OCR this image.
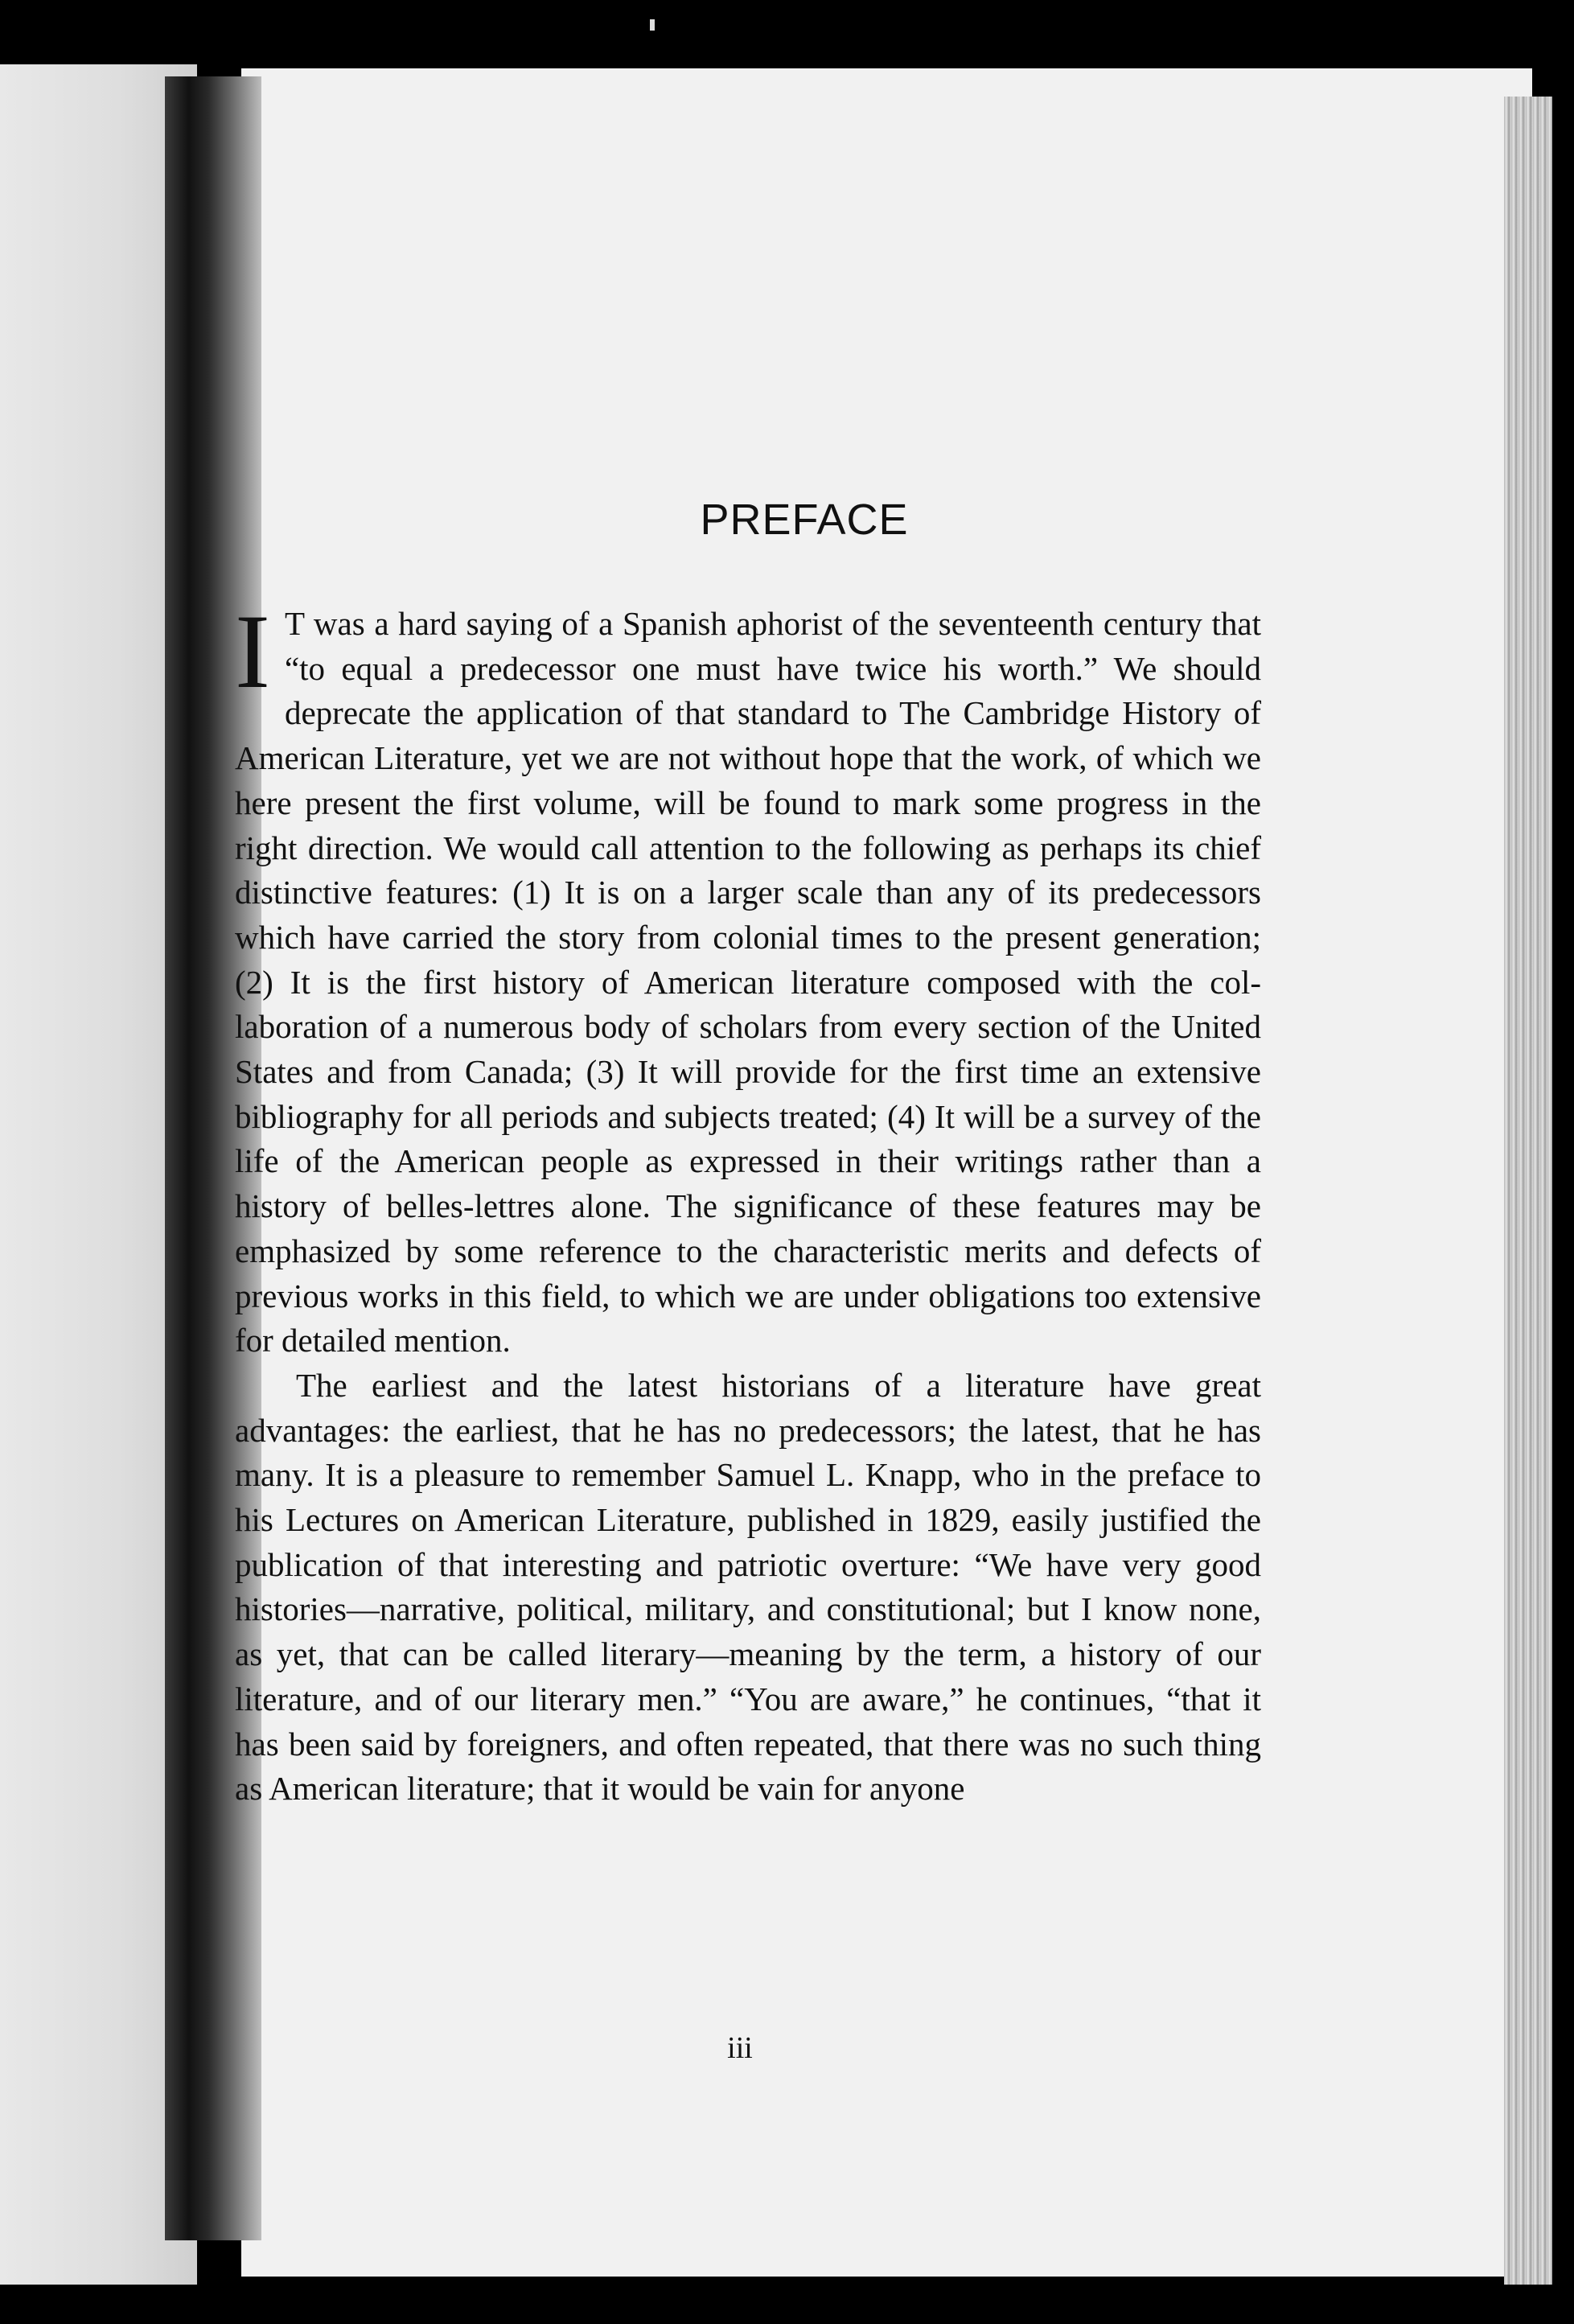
PREFACE

I T was a hard saying of a Spanish aphorist of the seventeenth century that “to equal a predecessor one must have twice his worth.” We should deprecate the application of that standard to The Cambridge History of American Literature, yet we are not without hope that the work, of which we here present the first volume, will be found to mark some progress in the right direction. We would call attention to the following as perhaps its chief distinctive features: (1) It is on a larger scale than any of its predecessors which have carried the story from colonial times to the present generation; (2) It is the first history of American literature composed with the col-laboration of a numerous body of scholars from every section of the United States and from Canada; (3) It will provide for the first time an extensive bibliography for all periods and subjects treated; (4) It will be a survey of the life of the American people as expressed in their writings rather than a history of belles-lettres alone. The significance of these features may be emphasized by some reference to the characteristic merits and defects of previous works in this field, to which we are under obligations too extensive for detailed mention.

The earliest and the latest historians of a literature have great advantages: the earliest, that he has no predecessors; the latest, that he has many. It is a pleasure to remember Samuel L. Knapp, who in the preface to his Lectures on American Literature, published in 1829, easily justified the publication of that interesting and patriotic overture: “We have very good histories—narrative, political, military, and constitutional; but I know none, as yet, that can be called literary—meaning by the term, a history of our literature, and of our literary men.” “You are aware,” he continues, “that it has been said by foreigners, and often repeated, that there was no such thing as American literature; that it would be vain for anyone

iii
